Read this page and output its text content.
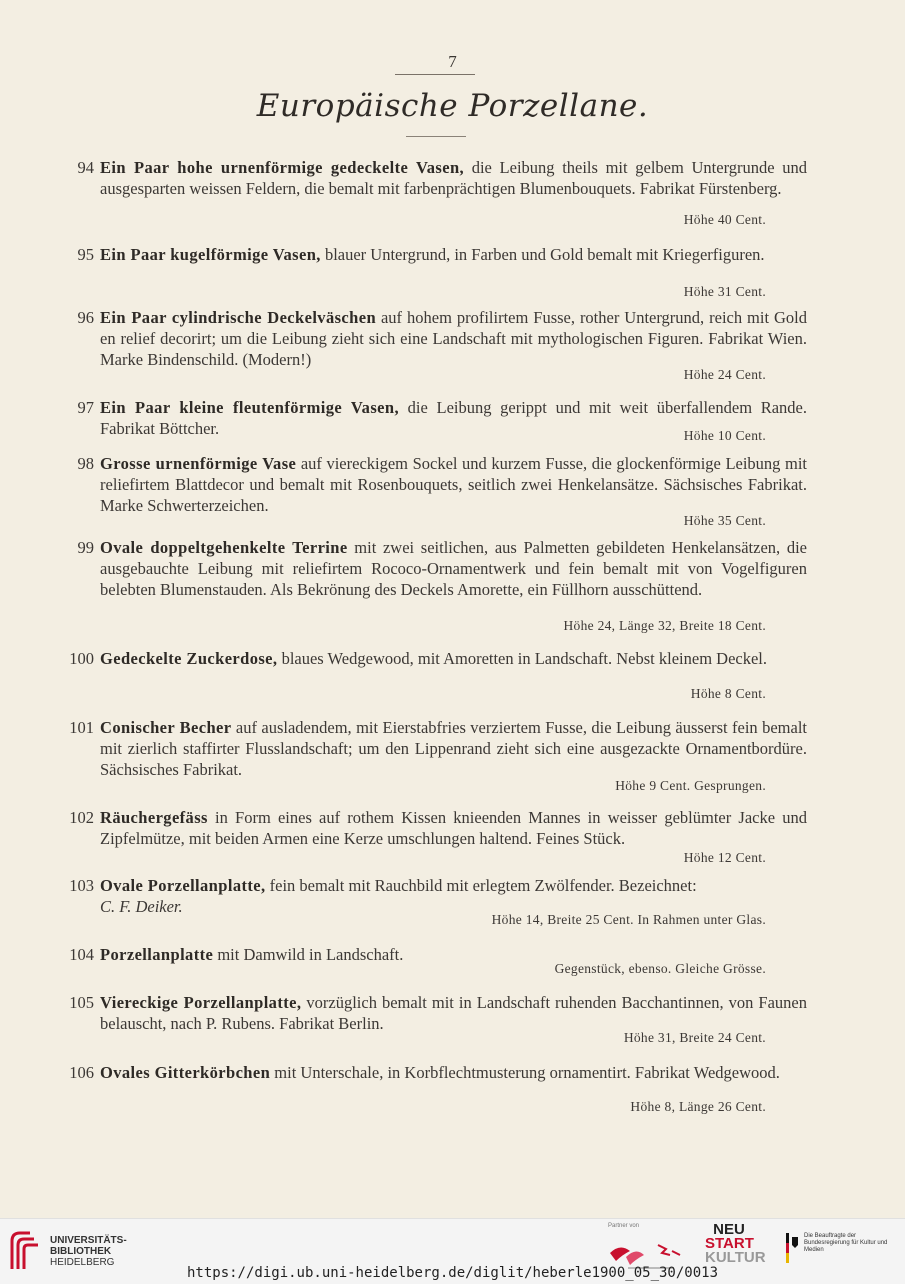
7
Europäische Porzellane.
94 Ein Paar hohe urnenförmige gedeckelte Vasen, die Leibung theils mit gelbem Untergrunde und ausgesparten weissen Feldern, die bemalt mit farbenprächtigen Blumenbouquets. Fabrikat Fürstenberg.
Höhe 40 Cent.
95 Ein Paar kugelförmige Vasen, blauer Untergrund, in Farben und Gold bemalt mit Kriegerfiguren.
Höhe 31 Cent.
96 Ein Paar cylindrische Deckelväschen auf hohem profilirtem Fusse, rother Untergrund, reich mit Gold en relief decorirt; um die Leibung zieht sich eine Landschaft mit mythologischen Figuren. Fabrikat Wien. Marke Bindenschild. (Modern!)
Höhe 24 Cent.
97 Ein Paar kleine fleutenförmige Vasen, die Leibung gerippt und mit weit überfallendem Rande. Fabrikat Böttcher.	Höhe 10 Cent.
98 Grosse urnenförmige Vase auf viereckigem Sockel und kurzem Fusse, die glockenförmige Leibung mit reliefirtem Blattdecor und bemalt mit Rosenbouquets, seitlich zwei Henkelansätze. Sächsisches Fabrikat. Marke Schwerterzeichen.
Höhe 35 Cent.
99 Ovale doppeltgehenkelte Terrine mit zwei seitlichen, aus Palmetten gebildeten Henkelansätzen, die ausgebauchte Leibung mit reliefirtem Rococo-Ornamentwerk und fein bemalt mit von Vogelfiguren belebten Blumenstauden. Als Bekrönung des Deckels Amorette, ein Füllhorn ausschüttend.
Höhe 24, Länge 32, Breite 18 Cent.
100 Gedeckelte Zuckerdose, blaues Wedgewood, mit Amoretten in Landschaft. Nebst kleinem Deckel.
Höhe 8 Cent.
101 Conischer Becher auf ausladendem, mit Eierstabfries verziertem Fusse, die Leibung äusserst fein bemalt mit zierlich staffirter Flusslandschaft; um den Lippenrand zieht sich eine ausgezackte Ornamentbordüre. Sächsisches Fabrikat.
Höhe 9 Cent. Gesprungen.
102 Räuchergefäss in Form eines auf rothem Kissen knieenden Mannes in weisser geblümter Jacke und Zipfelmütze, mit beiden Armen eine Kerze umschlungen haltend. Feines Stück.
Höhe 12 Cent.
103 Ovale Porzellanplatte, fein bemalt mit Rauchbild mit erlegtem Zwölfender. Bezeichnet:
C. F. Deiker.
Höhe 14, Breite 25 Cent. In Rahmen unter Glas.
104 Porzellanplatte mit Damwild in Landschaft.
Gegenstück, ebenso. Gleiche Grösse.
105 Viereckige Porzellanplatte, vorzüglich bemalt mit in Landschaft ruhenden Bacchantinnen, von Faunen belauscht, nach P. Rubens. Fabrikat Berlin.
Höhe 31, Breite 24 Cent.
106 Ovales Gitterkörbchen mit Unterschale, in Korbflechtmusterung ornamentirt. Fabrikat Wedgewood.
Höhe 8, Länge 26 Cent.
UNIVERSITÄTS-
BIBLIOTHEK
HEIDELBERG
Partner von	NEU
START
KULTUR
Die Beauftragte der Bundesregierung für Kultur und Medien
https://digi.ub.uni-heidelberg.de/diglit/heberle1900_05_30/0013
